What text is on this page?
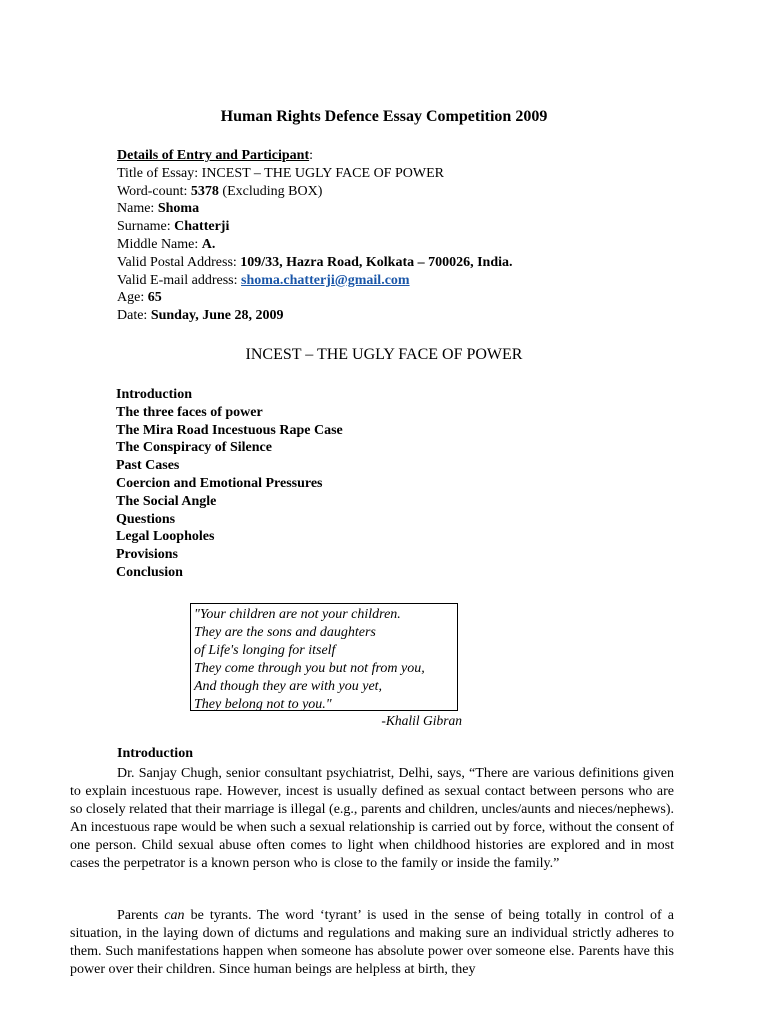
Human Rights Defence Essay Competition 2009
Details of Entry and Participant:
Title of Essay: INCEST – THE UGLY FACE OF POWER
Word-count: 5378 (Excluding BOX)
Name: Shoma
Surname: Chatterji
Middle Name: A.
Valid Postal Address: 109/33, Hazra Road, Kolkata – 700026, India.
Valid E-mail address: shoma.chatterji@gmail.com
Age: 65
Date: Sunday, June 28, 2009
INCEST – THE UGLY FACE OF POWER
Introduction
The three faces of power
The Mira Road Incestuous Rape Case
The Conspiracy of Silence
Past Cases
Coercion and Emotional Pressures
The Social Angle
Questions
Legal Loopholes
Provisions
Conclusion
"Your children are not your children.
They are the sons and daughters
of Life's longing for itself
They come through you but not from you,
And though they are with you yet,
They belong not to you."
-Khalil Gibran
Introduction
Dr. Sanjay Chugh, senior consultant psychiatrist, Delhi, says, “There are various definitions given to explain incestuous rape. However, incest is usually defined as sexual contact between persons who are so closely related that their marriage is illegal (e.g., parents and children, uncles/aunts and nieces/nephews). An incestuous rape would be when such a sexual relationship is carried out by force, without the consent of one person. Child sexual abuse often comes to light when childhood histories are explored and in most cases the perpetrator is a known person who is close to the family or inside the family.”
Parents can be tyrants. The word ‘tyrant’ is used in the sense of being totally in control of a situation, in the laying down of dictums and regulations and making sure an individual strictly adheres to them. Such manifestations happen when someone has absolute power over someone else. Parents have this power over their children. Since human beings are helpless at birth, they
